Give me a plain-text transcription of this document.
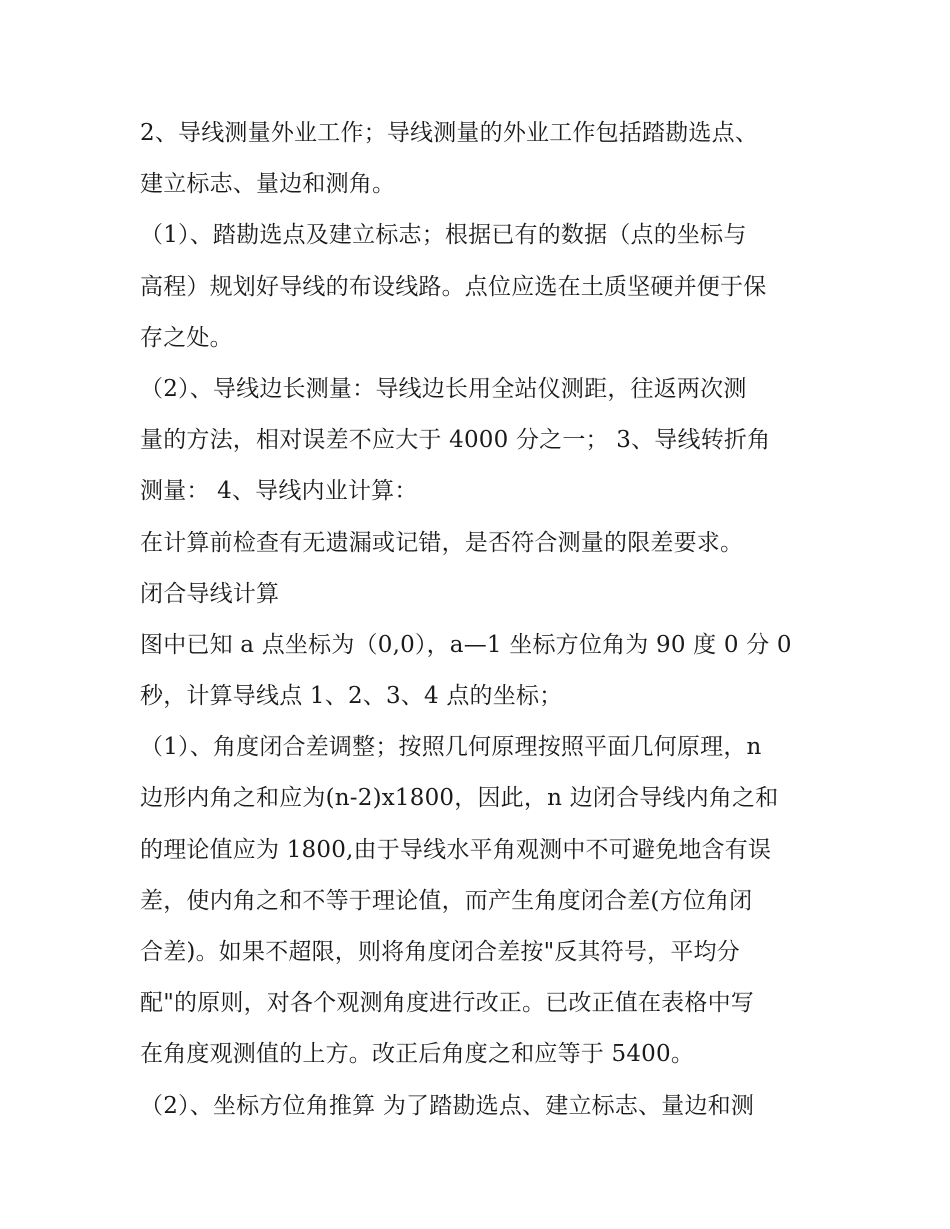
2、导线测量外业工作；导线测量的外业工作包括踏勘选点、
建立标志、量边和测角。
（1）、踏勘选点及建立标志；根据已有的数据（点的坐标与
高程）规划好导线的布设线路。点位应选在土质坚硬并便于保
存之处。
（2）、导线边长测量：导线边长用全站仪测距，往返两次测
量的方法，相对误差不应大于 4000 分之一； 3、导线转折角
测量： 4、导线内业计算：
在计算前检查有无遗漏或记错，是否符合测量的限差要求。
闭合导线计算
图中已知 a 点坐标为（0,0），a—1 坐标方位角为 90 度 0 分 0
秒，计算导线点 1、2、3、4 点的坐标；
（1）、角度闭合差调整；按照几何原理按照平面几何原理，n
边形内角之和应为(n-2)x1800，因此，n 边闭合导线内角之和
的理论值应为 1800,由于导线水平角观测中不可避免地含有误
差，使内角之和不等于理论值，而产生角度闭合差(方位角闭
合差)。如果不超限，则将角度闭合差按"反其符号，平均分
配"的原则，对各个观测角度进行改正。已改正值在表格中写
在角度观测值的上方。改正后角度之和应等于 5400。
（2）、坐标方位角推算 为了踏勘选点、建立标志、量边和测
